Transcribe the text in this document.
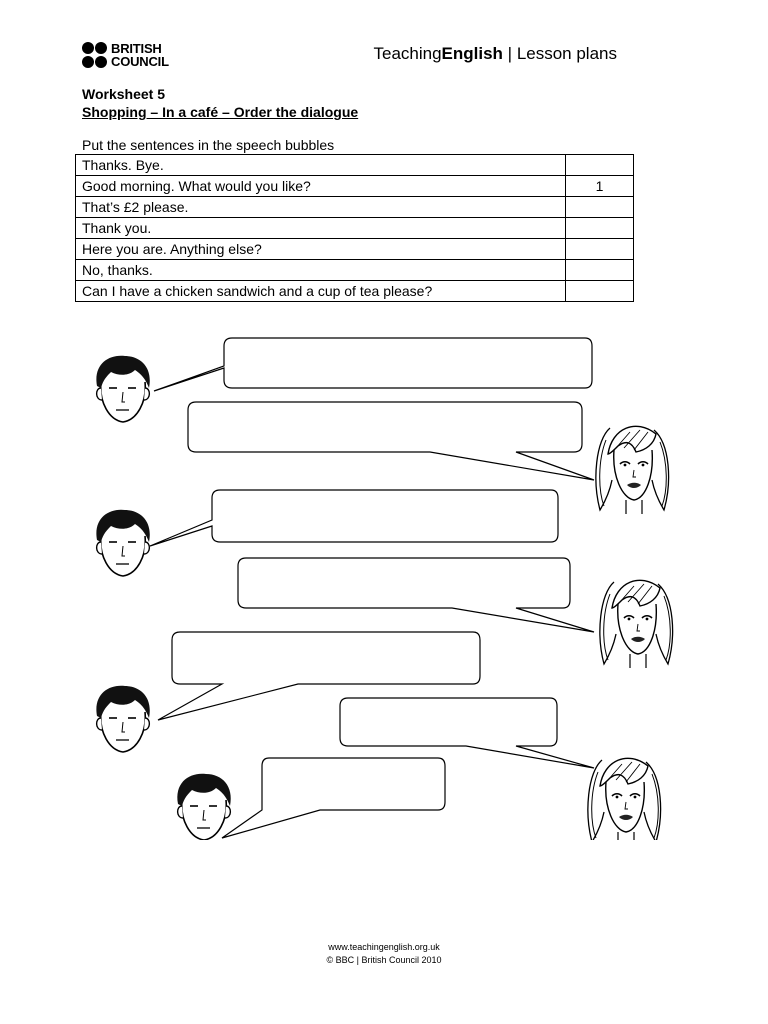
BRITISH
COUNCIL	TeachingEnglish | Lesson plans
Worksheet 5
Shopping – In a café – Order the dialogue
Put the sentences in the speech bubbles
Thanks. Bye.	
Good morning. What would you like?	1
That’s £2 please.	
Thank you.	
Here you are. Anything else?	
No, thanks.	
Can I have a chicken sandwich and a cup of tea please?	
www.teachingenglish.org.uk
© BBC | British Council 2010
